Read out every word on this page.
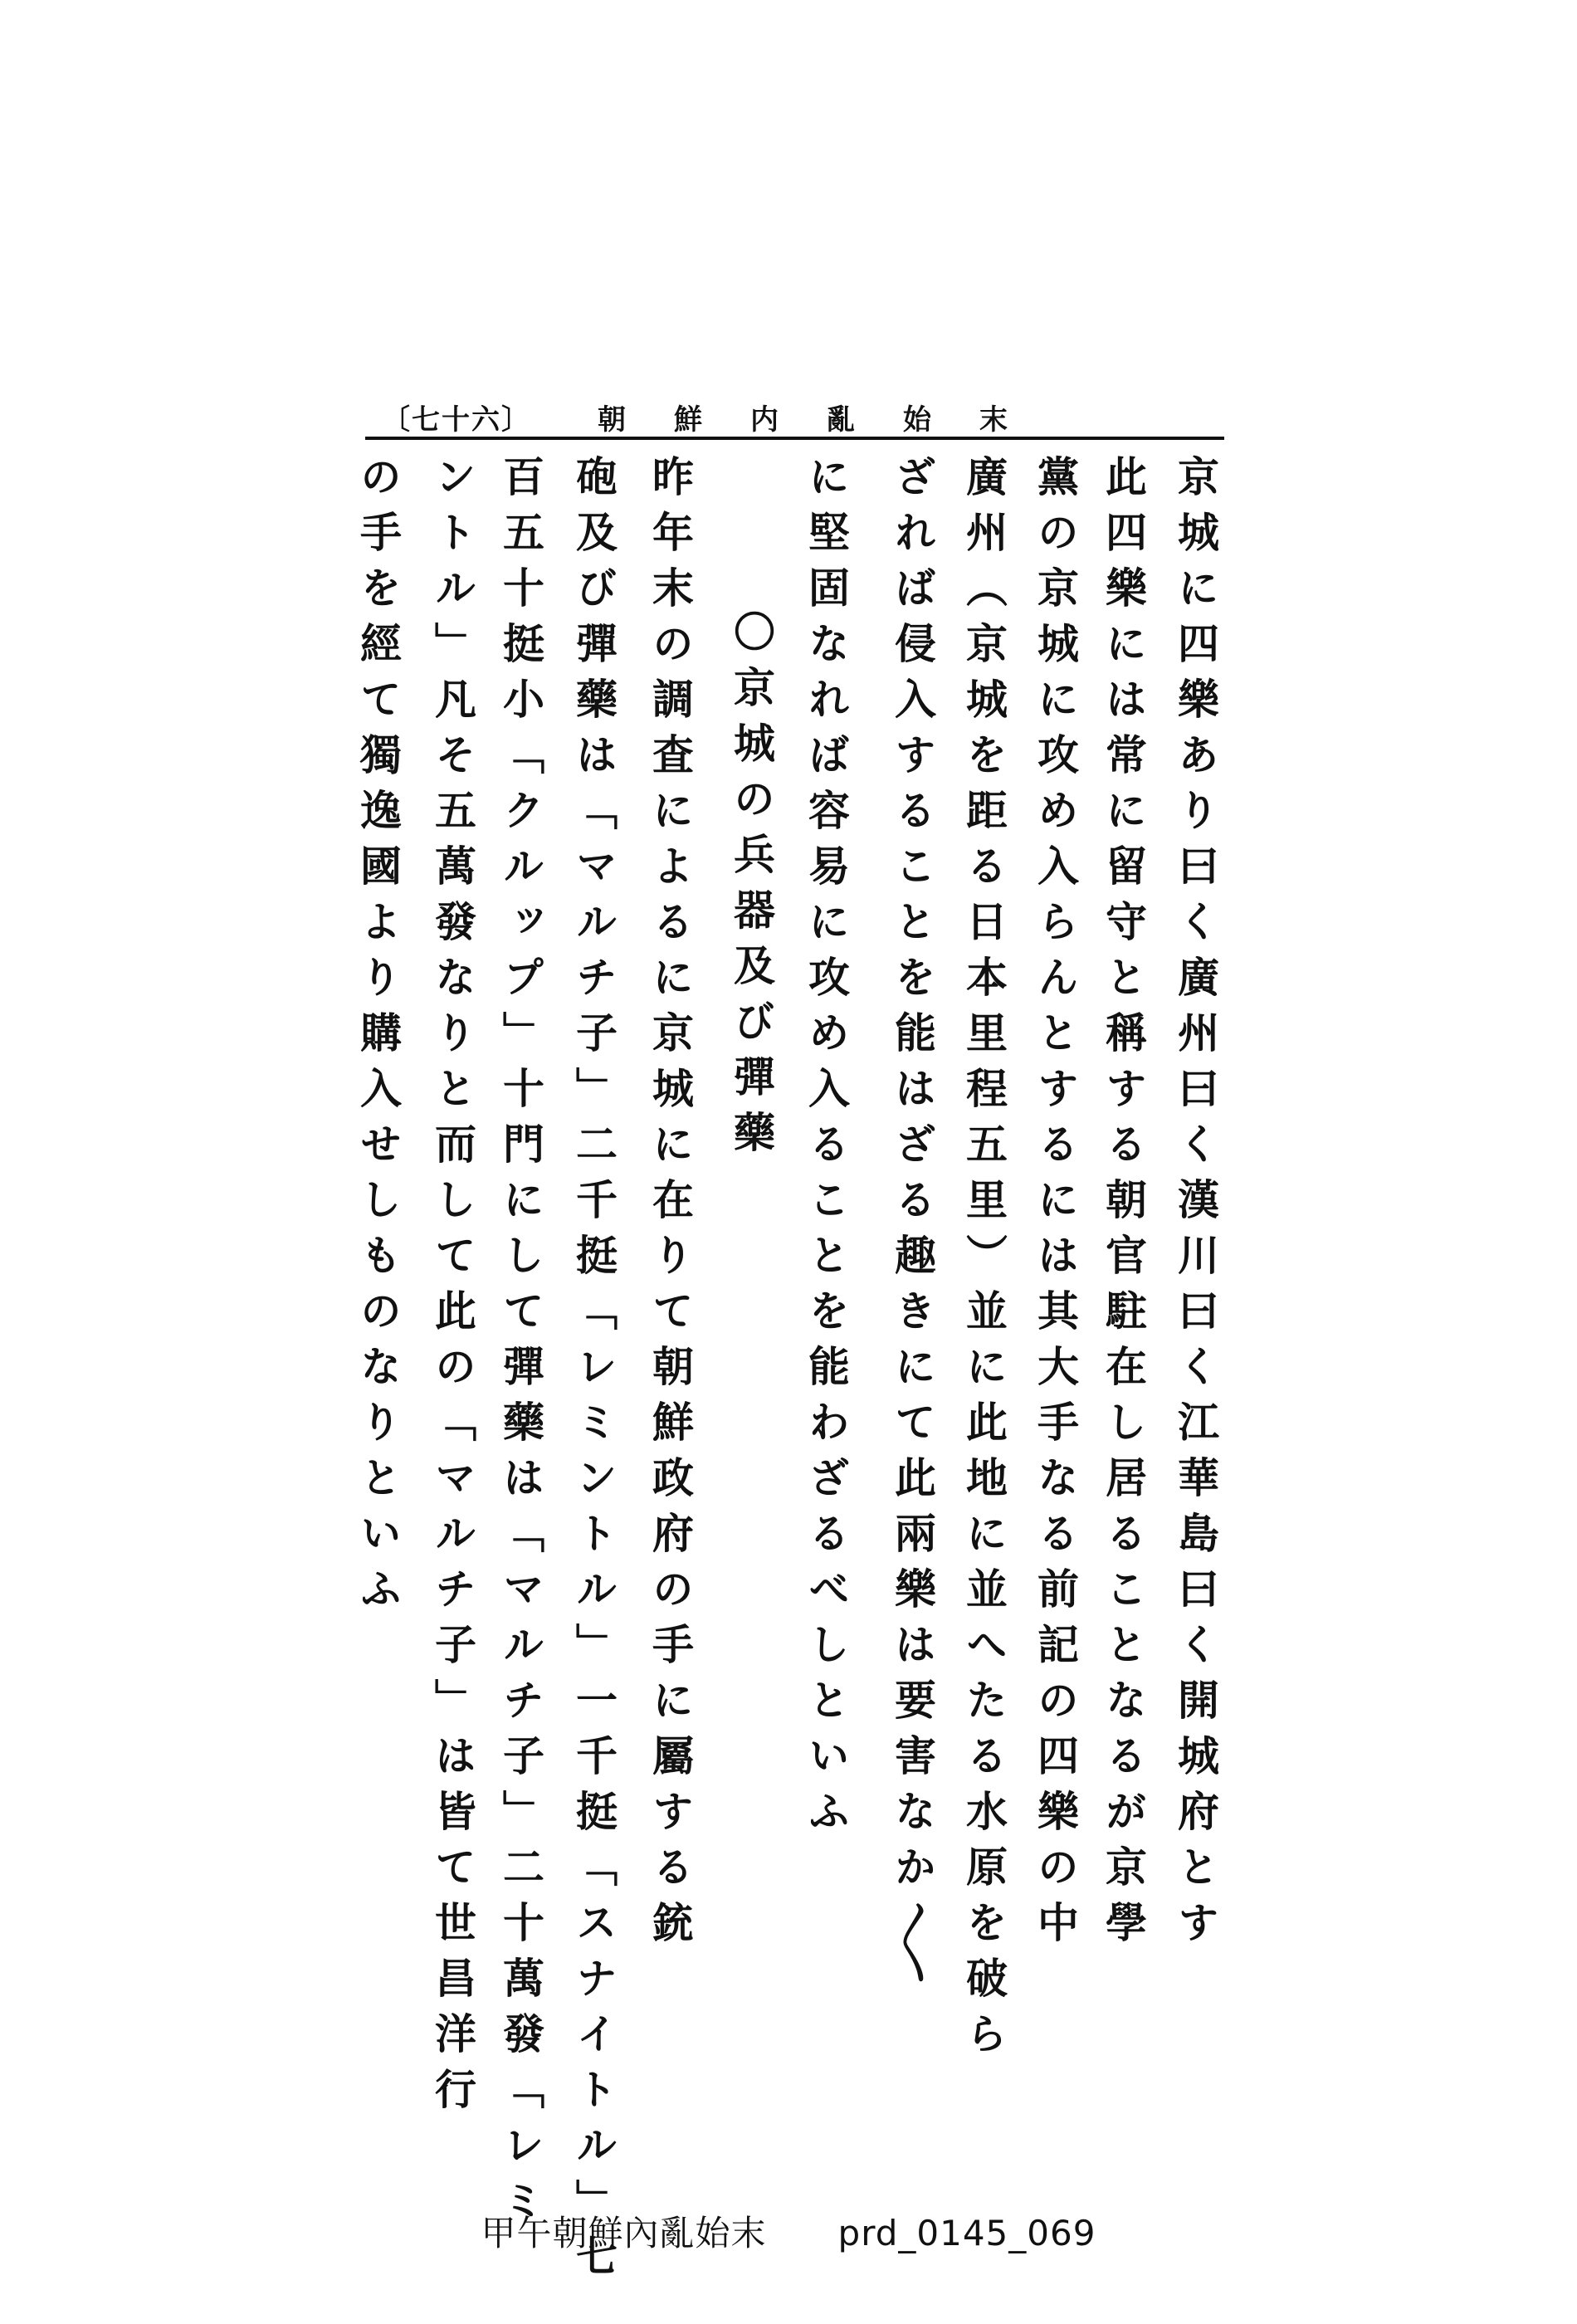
〔七十六〕 朝鮮内亂始末
京城に四樂あり曰く廣州曰く漢川曰く江華島曰く開城府とす
此四樂には常に留守と稱する朝官駐在し居ることなるが京學
黨の京城に攻め入らんとするには其大手なる前記の四樂の中
廣州（京城を距る日本里程五里）並に此地に並へたる水原を破ら
ざれば侵入することを能はざる趣きにて此兩樂は要害なか〳〵
に堅固なれば容易に攻め入ることを能わざるべしといふ
〇京城の兵器及び彈藥
昨年末の調査によるに京城に在りて朝鮮政府の手に屬する銃
砲及び彈藥は「マルチ子」二千挺「レミントル」一千挺「スナイトル」七
百五十挺小「クルップ」十門にして彈藥は「マルチ子」二十萬發「レミ
ントル」凡そ五萬發なりと而して此の「マルチ子」は皆て世昌洋行
の手を經て獨逸國より購入せしものなりといふ
甲午朝鮮內亂始末　　prd_0145_069
